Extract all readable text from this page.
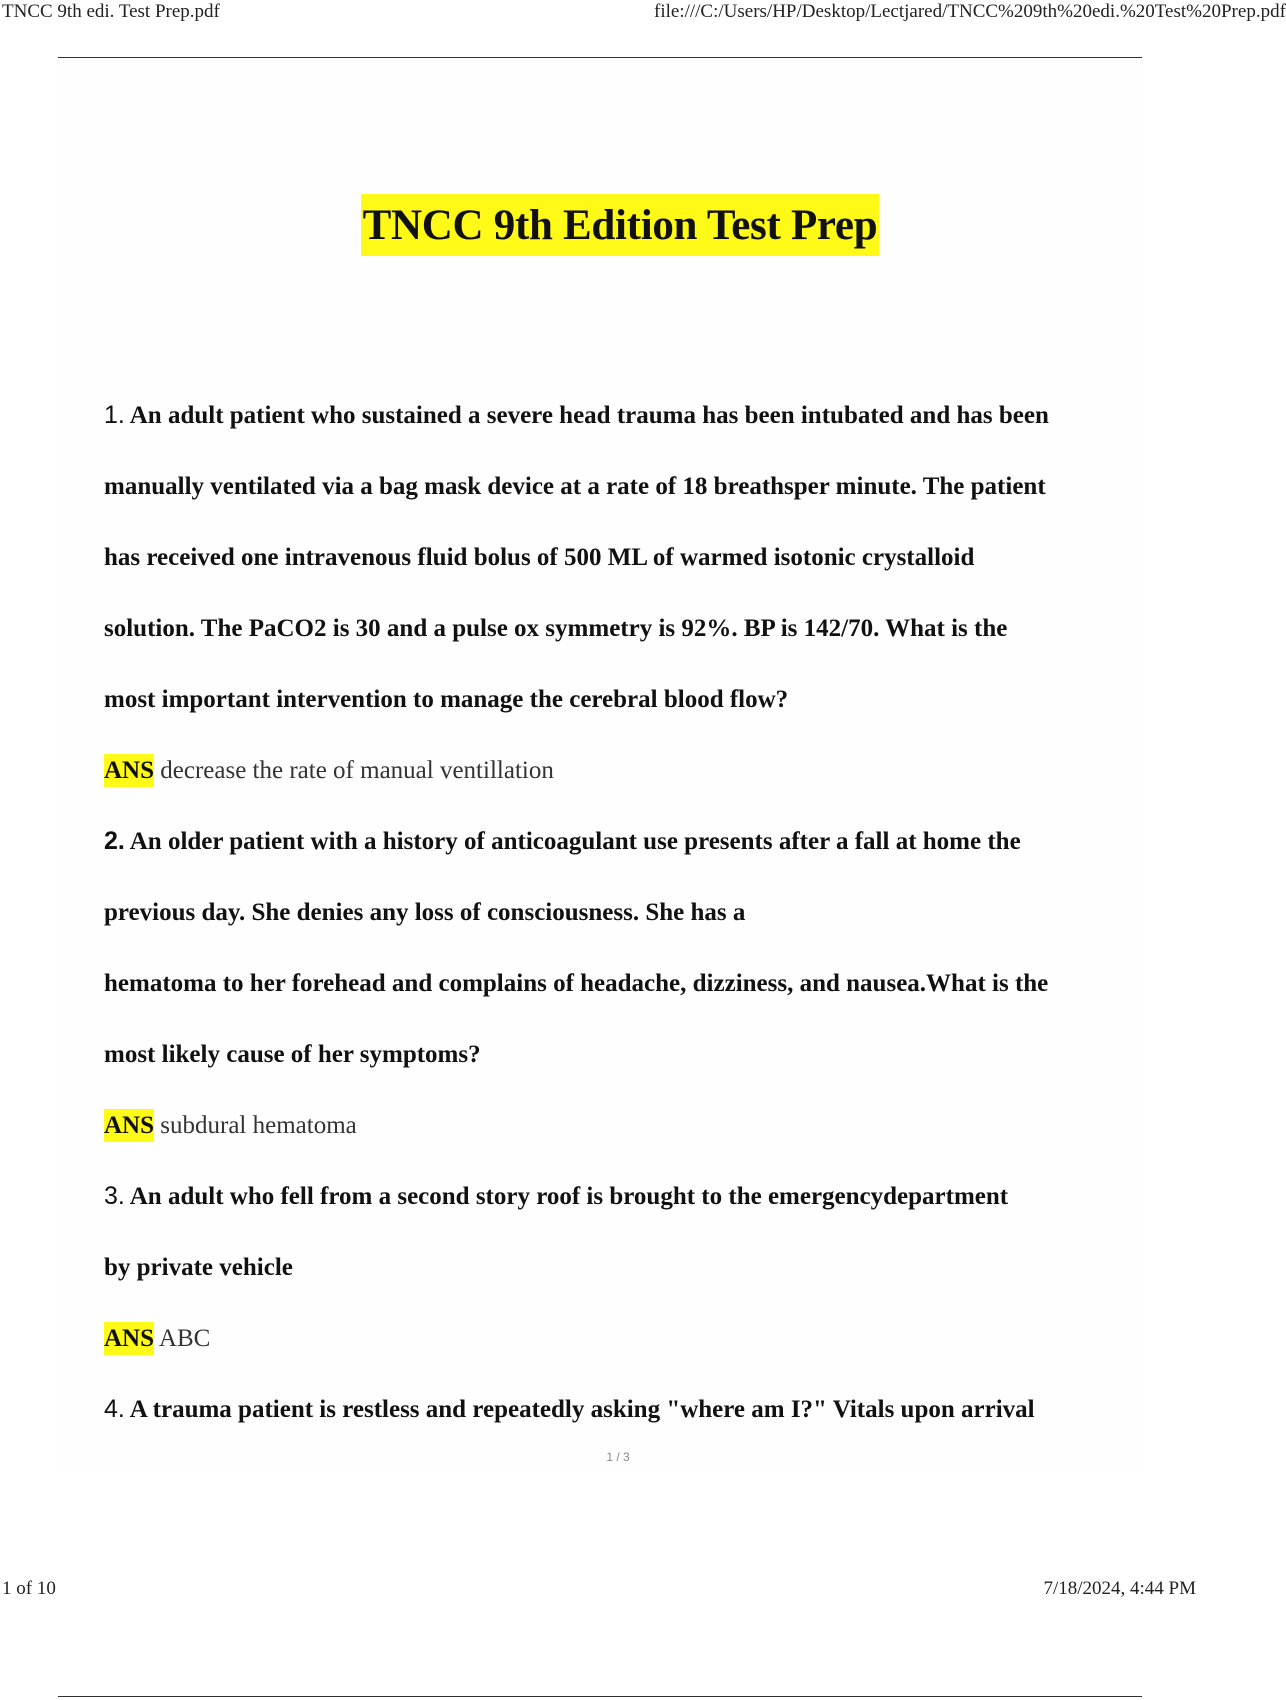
TNCC 9th edi. Test Prep.pdf	file:///C:/Users/HP/Desktop/Lectjared/TNCC%209th%20edi.%20Test%20Prep.pdf
TNCC 9th Edition Test Prep
1. An adult patient who sustained a severe head trauma has been intubated and has been
manually ventilated via a bag mask device at a rate of 18 breathsper minute. The patient
has received one intravenous fluid bolus of 500 ML of warmed isotonic crystalloid
solution. The PaCO2 is 30 and a pulse ox symmetry is 92%. BP is 142/70. What is the
most important intervention to manage the cerebral blood flow?
ANS decrease the rate of manual ventillation
2. An older patient with a history of anticoagulant use presents after a fall at home the
previous day. She denies any loss of consciousness. She has a
hematoma to her forehead and complains of headache, dizziness, and nausea.What is the
most likely cause of her symptoms?
ANS subdural hematoma
3. An adult who fell from a second story roof is brought to the emergencydepartment
by private vehicle
ANS ABC
4. A trauma patient is restless and repeatedly asking "where am I?" Vitals upon arrival
1 / 3
1 of 10	7/18/2024, 4:44 PM
